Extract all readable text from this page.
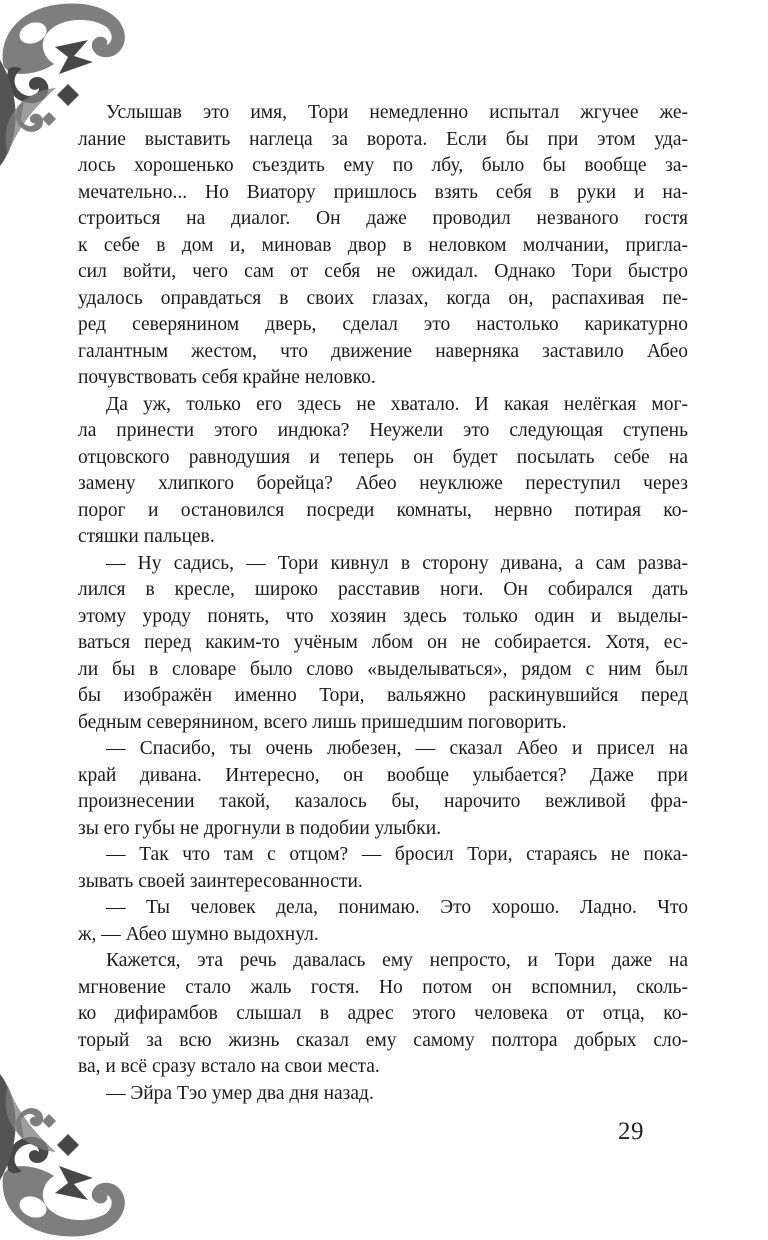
Услышав это имя, Тори немедленно испытал жгучее же-
лание выставить наглеца за ворота. Если бы при этом уда-
лось хорошенько съездить ему по лбу, было бы вообще за-
мечательно... Но Виатору пришлось взять себя в руки и на-
строиться на диалог. Он даже проводил незваного гостя
к себе в дом и, миновав двор в неловком молчании, пригла-
сил войти, чего сам от себя не ожидал. Однако Тори быстро
удалось оправдаться в своих глазах, когда он, распахивая пе-
ред северянином дверь, сделал это настолько карикатурно
галантным жестом, что движение наверняка заставило Абео
почувствовать себя крайне неловко.
Да уж, только его здесь не хватало. И какая нелёгкая мог-
ла принести этого индюка? Неужели это следующая ступень
отцовского равнодушия и теперь он будет посылать себе на
замену хлипкого борейца? Абео неуклюже переступил через
порог и остановился посреди комнаты, нервно потирая ко-
стяшки пальцев.
— Ну садись, — Тори кивнул в сторону дивана, а сам разва-
лился в кресле, широко расставив ноги. Он собирался дать
этому уроду понять, что хозяин здесь только один и выделы-
ваться перед каким-то учёным лбом он не собирается. Хотя, ес-
ли бы в словаре было слово «выделываться», рядом с ним был
бы изображён именно Тори, вальяжно раскинувшийся перед
бедным северянином, всего лишь пришедшим поговорить.
— Спасибо, ты очень любезен, — сказал Абео и присел на
край дивана. Интересно, он вообще улыбается? Даже при
произнесении такой, казалось бы, нарочито вежливой фра-
зы его губы не дрогнули в подобии улыбки.
— Так что там с отцом? — бросил Тори, стараясь не пока-
зывать своей заинтересованности.
— Ты человек дела, понимаю. Это хорошо. Ладно. Что
ж, — Абео шумно выдохнул.
Кажется, эта речь давалась ему непросто, и Тори даже на
мгновение стало жаль гостя. Но потом он вспомнил, сколь-
ко дифирамбов слышал в адрес этого человека от отца, ко-
торый за всю жизнь сказал ему самому полтора добрых сло-
ва, и всё сразу встало на свои места.
— Эйра Тэо умер два дня назад.
29
